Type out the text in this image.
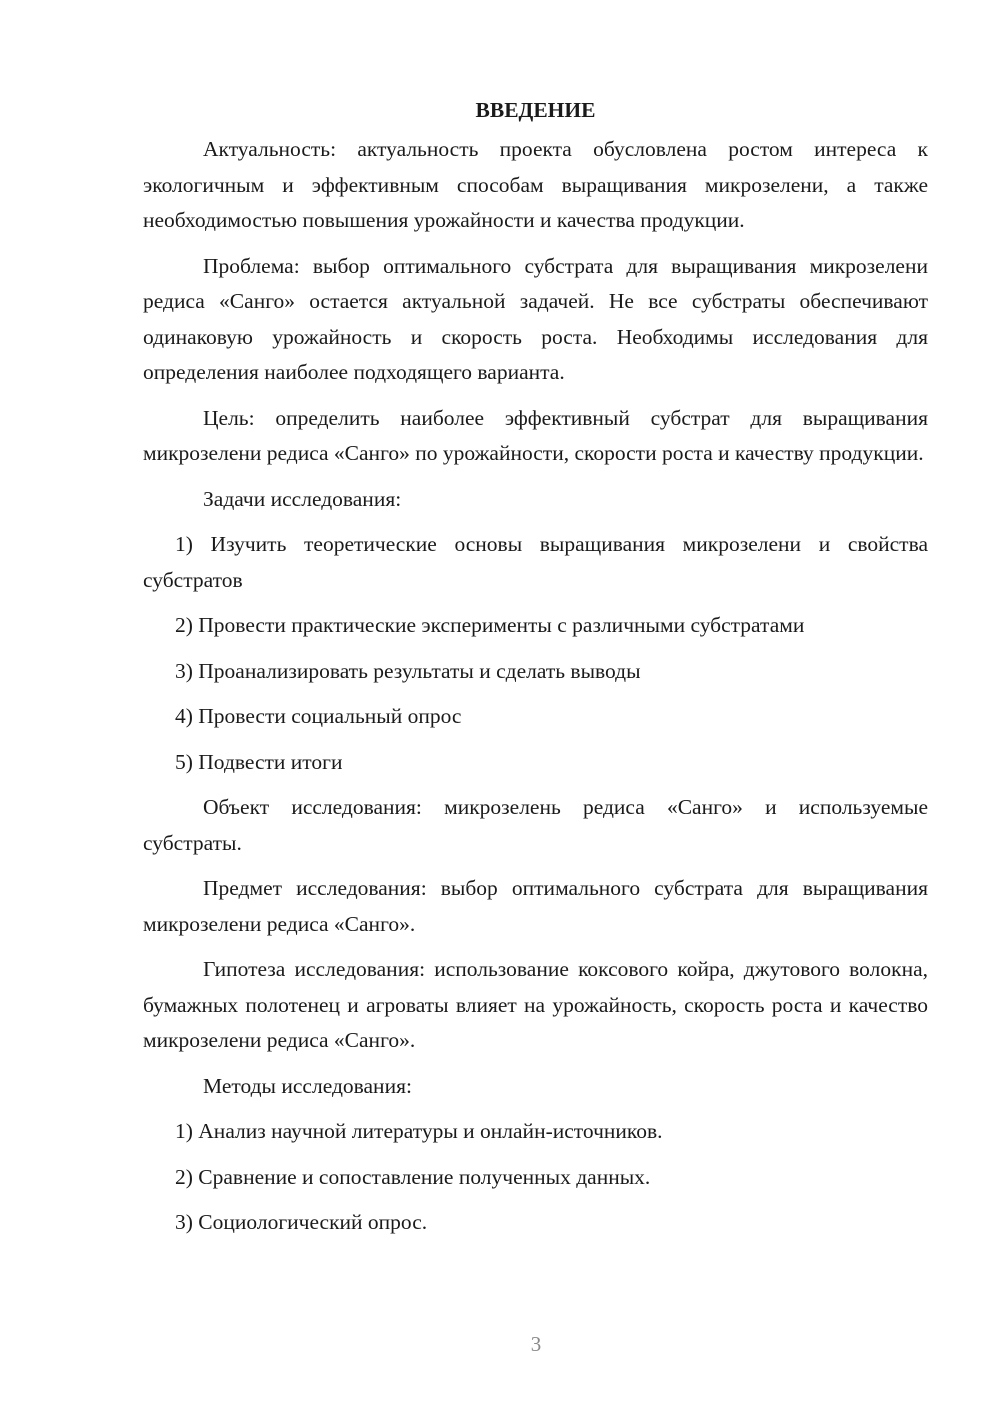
ВВЕДЕНИЕ

Актуальность: актуальность проекта обусловлена ростом интереса к экологичным и эффективным способам выращивания микрозелени, а также необходимостью повышения урожайности и качества продукции.

Проблема: выбор оптимального субстрата для выращивания микрозелени редиса «Санго» остается актуальной задачей. Не все субстраты обеспечивают одинаковую урожайность и скорость роста. Необходимы исследования для определения наиболее подходящего варианта.

Цель: определить наиболее эффективный субстрат для выращивания микрозелени редиса «Санго» по урожайности, скорости роста и качеству продукции.

Задачи исследования:

1) Изучить теоретические основы выращивания микрозелени и свойства субстратов

2) Провести практические эксперименты с различными субстратами

3) Проанализировать результаты и сделать выводы

4) Провести социальный опрос

5) Подвести итоги

Объект исследования: микрозелень редиса «Санго» и используемые субстраты.

Предмет исследования: выбор оптимального субстрата для выращивания микрозелени редиса «Санго».

Гипотеза исследования: использование коксового койра, джутового волокна, бумажных полотенец и агроваты влияет на урожайность, скорость роста и качество микрозелени редиса «Санго».

Методы исследования:

1) Анализ научной литературы и онлайн-источников.

2) Сравнение и сопоставление полученных данных.

3) Социологический опрос.

3
